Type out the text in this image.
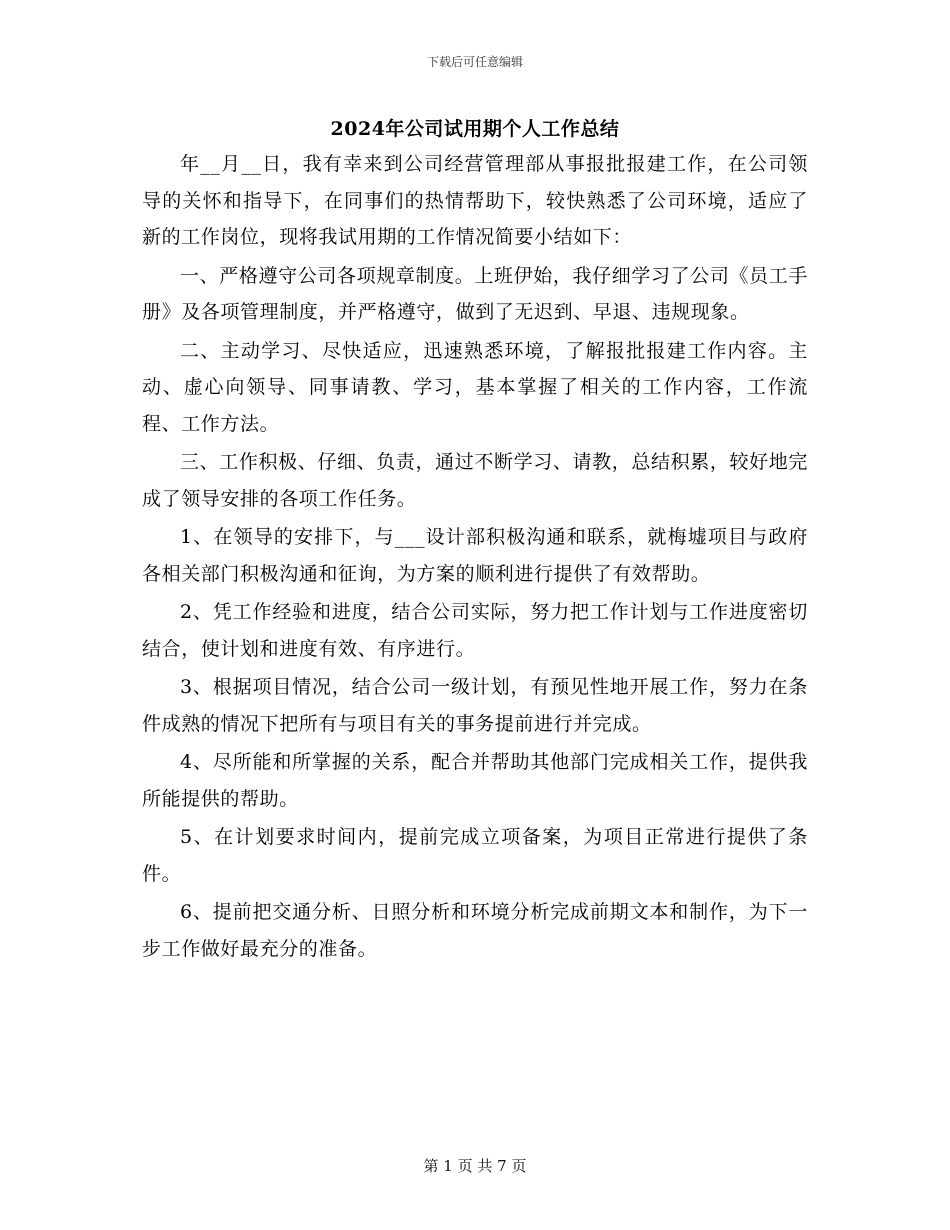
下载后可任意编辑
2024年公司试用期个人工作总结

年__月__日，我有幸来到公司经营管理部从事报批报建工作，在公司领导的关怀和指导下，在同事们的热情帮助下，较快熟悉了公司环境，适应了新的工作岗位，现将我试用期的工作情况简要小结如下：

一、严格遵守公司各项规章制度。上班伊始，我仔细学习了公司《员工手册》及各项管理制度，并严格遵守，做到了无迟到、早退、违规现象。

二、主动学习、尽快适应，迅速熟悉环境，了解报批报建工作内容。主动、虚心向领导、同事请教、学习，基本掌握了相关的工作内容，工作流程、工作方法。

三、工作积极、仔细、负责，通过不断学习、请教，总结积累，较好地完成了领导安排的各项工作任务。

1、在领导的安排下，与___设计部积极沟通和联系，就梅墟项目与政府各相关部门积极沟通和征询，为方案的顺利进行提供了有效帮助。

2、凭工作经验和进度，结合公司实际，努力把工作计划与工作进度密切结合，使计划和进度有效、有序进行。

3、根据项目情况，结合公司一级计划，有预见性地开展工作，努力在条件成熟的情况下把所有与项目有关的事务提前进行并完成。

4、尽所能和所掌握的关系，配合并帮助其他部门完成相关工作，提供我所能提供的帮助。

5、在计划要求时间内，提前完成立项备案，为项目正常进行提供了条件。

6、提前把交通分析、日照分析和环境分析完成前期文本和制作，为下一步工作做好最充分的准备。

第 1 页 共 7 页
